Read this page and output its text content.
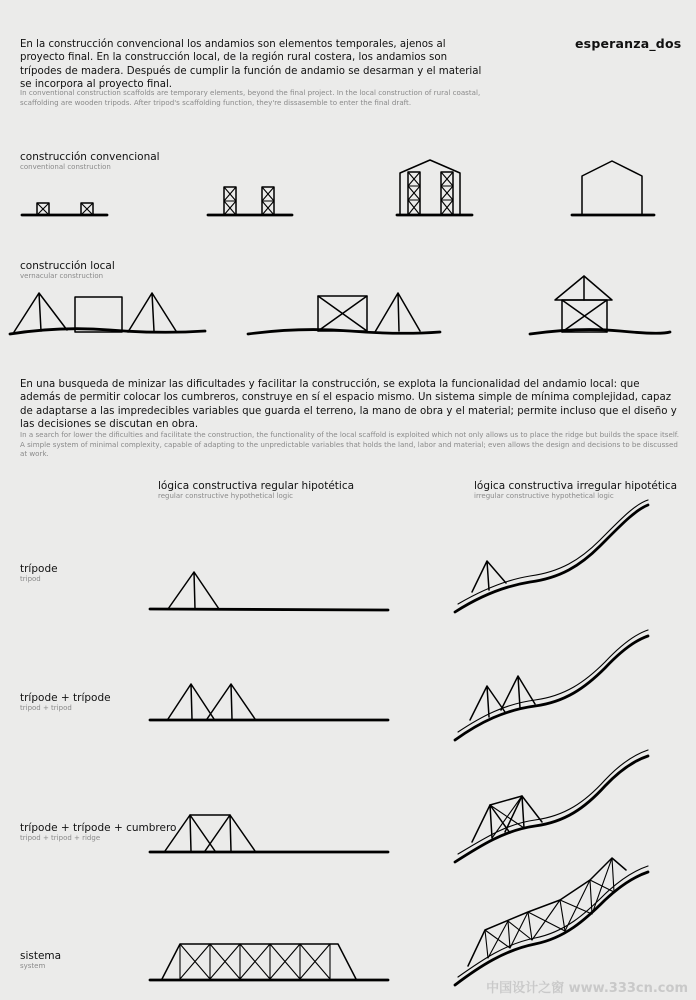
esperanza_dos
En la construcción convencional los andamios son elementos temporales, ajenos al proyecto final. En la construcción local, de la región rural costera, los andamios son trípodes de madera. Después de cumplir la función de andamio se desarman y el material se incorpora al proyecto final.
In conventional construction scaffolds are temporary elements, beyond the final project. In the local construction of rural coastal, scaffolding are wooden tripods. After tripod's scaffolding function, they're dissasemble to enter the final draft.
construcción convencional
conventional construction
construcción local
vernacular construction
En una busqueda de minizar las dificultades y facilitar la construcción, se explota la funcionalidad del andamio local: que además de permitir colocar los cumbreros, construye en sí el espacio mismo. Un sistema simple de mínima complejidad, capaz de adaptarse a las impredecibles variables que guarda el terreno, la mano de obra y el material; permite incluso que el diseño y las decisiones se discutan en obra.
In a search for lower the dificulties and facilitate the construction, the functionality of the local scaffold is exploited which not only allows us to place the ridge but builds the space itself. A simple system of minimal complexity, capable of adapting to the unpredictable variables that holds the land, labor and material; even allows the design and decisions to be discussed at work.
lógica constructiva regular hipotética
regular constructive hypothetical logic
lógica constructiva irregular hipotética
irregular constructive hypothetical logic
trípode
tripod
trípode + trípode
tripod + tripod
trípode + trípode + cumbrero
tripod + tripod + ridge
sistema
system
中国设计之窗 www.333cn.com
